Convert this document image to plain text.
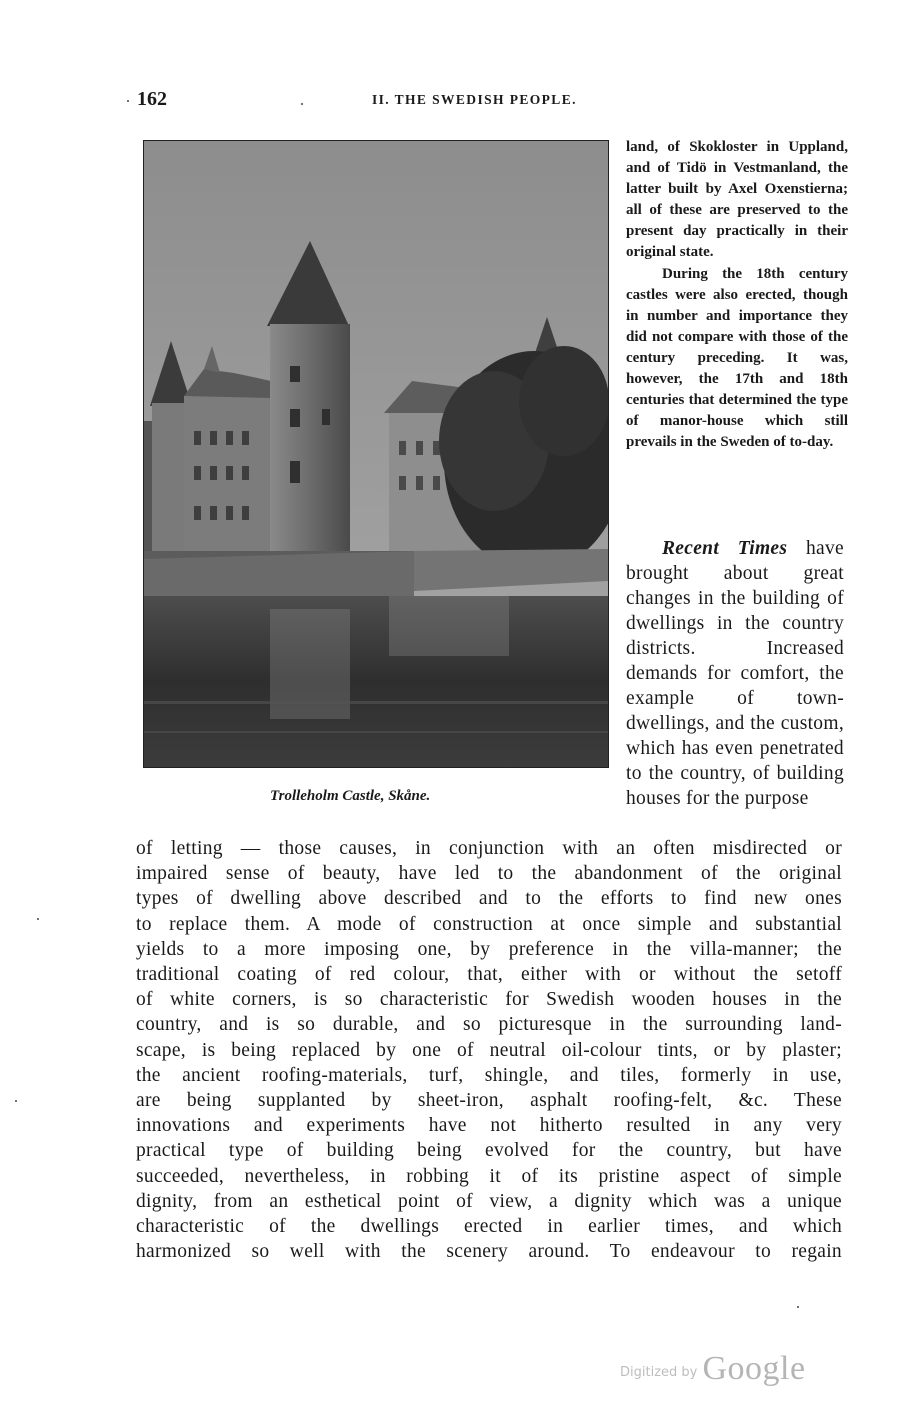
162	II. THE SWEDISH PEOPLE.
Trolleholm Castle, Skåne.

land, of Skokloster in Uppland, and of Tidö in Vestmanland, the latter built by Axel Oxenstierna; all of these are preserved to the present day practically in their original state.

During the 18th century castles were also erected, though in number and importance they did not compare with those of the century preceding. It was, however, the 17th and 18th centuries that determined the type of manor-house which still prevails in the Sweden of to-day.

Recent Times have brought about great changes in the building of dwellings in the country districts. Increased demands for comfort, the example of town-dwellings, and the custom, which has even penetrated to the country, of building houses for the purpose

of letting — those causes, in conjunction with an often misdirected or

impaired sense of beauty, have led to the abandonment of the original

types of dwelling above described and to the efforts to find new ones

to replace them. A mode of construction at once simple and substantial

yields to a more imposing one, by preference in the villa-manner; the

traditional coating of red colour, that, either with or without the setoff

of white corners, is so characteristic for Swedish wooden houses in the

country, and is so durable, and so picturesque in the surrounding land-

scape, is being replaced by one of neutral oil-colour tints, or by plaster;

the ancient roofing-materials, turf, shingle, and tiles, formerly in use,

are being supplanted by sheet-iron, asphalt roofing-felt, &c. These

innovations and experiments have not hitherto resulted in any very

practical type of building being evolved for the country, but have

succeeded, nevertheless, in robbing it of its pristine aspect of simple

dignity, from an esthetical point of view, a dignity which was a unique

characteristic of the dwellings erected in earlier times, and which

harmonized so well with the scenery around. To endeavour to regain

Digitized by Google
